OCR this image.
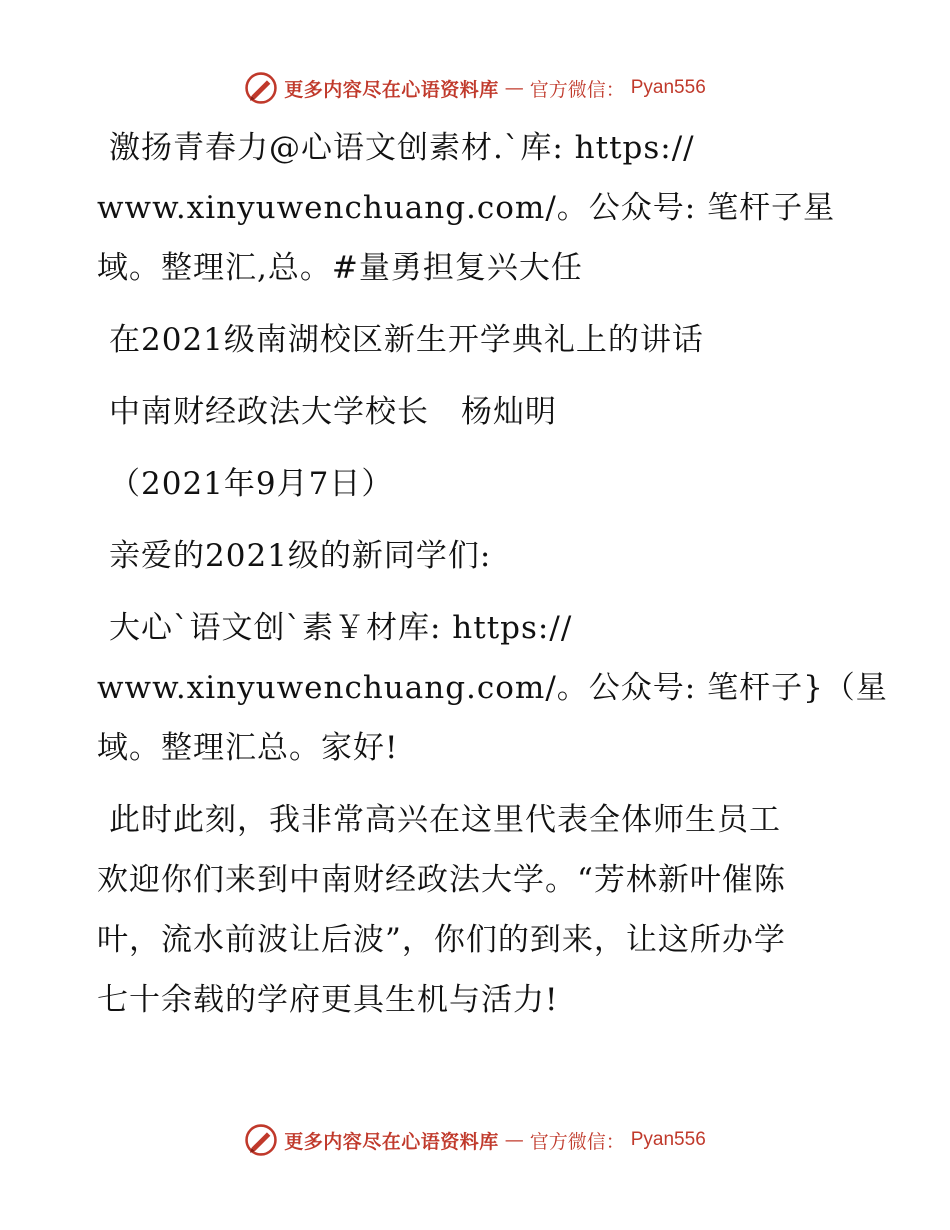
更多内容尽在心语资料库 — 官方微信： Pyan556
激扬青春力@心语文创素材.`库: https://
www.xinyuwenchuang.com/。公众号: 笔杆子星
域。整理汇,总。#量勇担复兴大任
在2021级南湖校区新生开学典礼上的讲话
中南财经政法大学校长　杨灿明
（2021年9月7日）
亲爱的2021级的新同学们:
大心`语文创`素￥材库: https://
www.xinyuwenchuang.com/。公众号: 笔杆子}（星
域。整理汇总。家好!
此时此刻，我非常高兴在这里代表全体师生员工
欢迎你们来到中南财经政法大学。“芳林新叶催陈
叶，流水前波让后波”，你们的到来，让这所办学
七十余载的学府更具生机与活力!
更多内容尽在心语资料库 — 官方微信： Pyan556
